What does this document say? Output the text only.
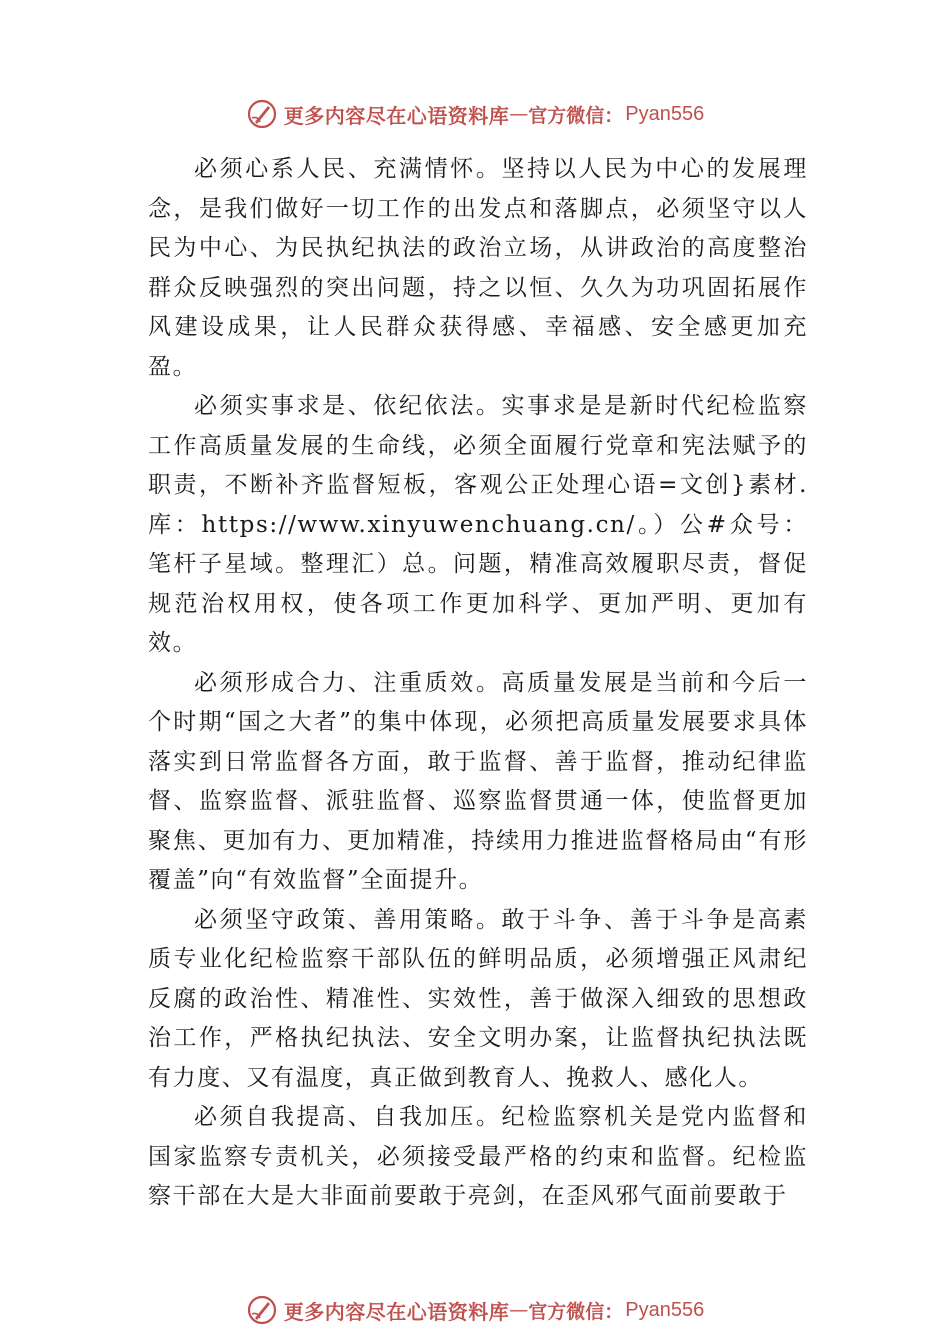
更多内容尽在心语资料库 — 官方微信： Pyan556

必须心系人民、充满情怀。坚持以人民为中心的发展理念，是我们做好一切工作的出发点和落脚点，必须坚守以人民为中心、为民执纪执法的政治立场，从讲政治的高度整治群众反映强烈的突出问题，持之以恒、久久为功巩固拓展作风建设成果，让人民群众获得感、幸福感、安全感更加充盈。

必须实事求是、依纪依法。实事求是是新时代纪检监察工作高质量发展的生命线，必须全面履行党章和宪法赋予的职责，不断补齐监督短板，客观公正处理心语=文创}素材.库：https://www.xinyuwenchuang.cn/。）公#众号：笔杆子星域。整理汇）总。问题，精准高效履职尽责，督促规范治权用权，使各项工作更加科学、更加严明、更加有效。

必须形成合力、注重质效。高质量发展是当前和今后一个时期“国之大者”的集中体现，必须把高质量发展要求具体落实到日常监督各方面，敢于监督、善于监督，推动纪律监督、监察监督、派驻监督、巡察监督贯通一体，使监督更加聚焦、更加有力、更加精准，持续用力推进监督格局由“有形覆盖”向“有效监督”全面提升。

必须坚守政策、善用策略。敢于斗争、善于斗争是高素质专业化纪检监察干部队伍的鲜明品质，必须增强正风肃纪反腐的政治性、精准性、实效性，善于做深入细致的思想政治工作，严格执纪执法、安全文明办案，让监督执纪执法既有力度、又有温度，真正做到教育人、挽救人、感化人。

必须自我提高、自我加压。纪检监察机关是党内监督和国家监察专责机关，必须接受最严格的约束和监督。纪检监察干部在大是大非面前要敢于亮剑，在歪风邪气面前要敢于

更多内容尽在心语资料库 — 官方微信： Pyan556
